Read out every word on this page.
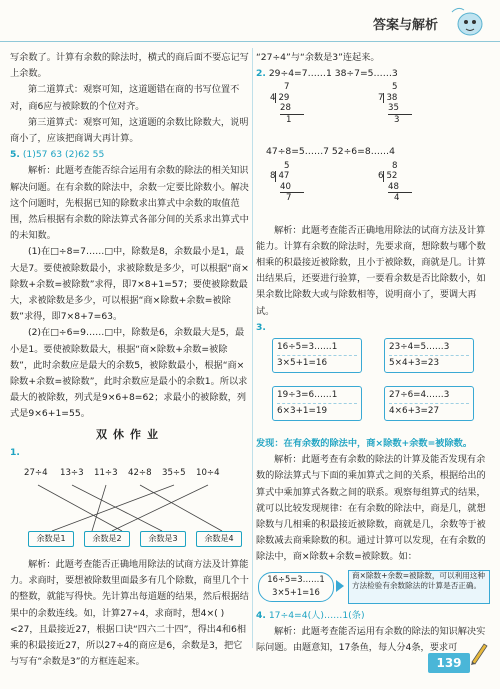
答案与解析

写余数了。计算有余数的除法时，横式的商后面不要忘记写上余数。

第二道算式：观察可知，这道题错在商的书写位置不对，商6应与被除数的个位对齐。

第三道算式：观察可知，这道题的余数比除数大，说明商小了，应该把商调大再计算。

5. (1)57 63 (2)62 55

解析：此题考查能否综合运用有余数的除法的相关知识解决问题。在有余数的除法中，余数一定要比除数小。解决这个问题时，先根据已知的除数求出算式中余数的取值范围，然后根据有余数的除法算式各部分间的关系求出算式中的未知数。

(1)在□÷8=7……□中，除数是8，余数最小是1，最大是7。要使被除数最小，求被除数是多少，可以根据“商×除数+余数=被除数”求得，即7×8+1=57；要使被除数最大，求被除数是多少，可以根据“商×除数+余数=被除数”求得，即7×8+7=63。

(2)在□÷6=9……□中，除数是6，余数最大是5，最小是1。要使被除数最大，根据“商×除数+余数=被除数”，此时余数应是最大的余数5，被除数最小，根据“商×除数+余数=被除数”，此时余数应是最小的余数1。所以求最大的被除数，列式是9×6+8=62；求最小的被除数，列式是9×6+1=55。

双休作业

1.

27÷4 13÷3 11÷3 42÷8 35÷5 10÷4
余数是1	余数是2	余数是3	余数是4

解析：此题考查能否正确地用除法的试商方法及计算能力。求商时，要想被除数里面最多有几个除数，商里几个十的整数，就能写得快。先计算出每道题的结果，然后根据结果中的余数连线。如，计算27÷4，求商时，想4×( )<27，且最接近27，根据口诀“四六二十四”，得出4和6相乘的积最接近27，所以27÷4的商应是6，余数是3，把它与写有“余数是3”的方框连起来。

“27÷4”与“余数是3”连起来。

2. 29÷4=7……1 38÷7=5……3

7
4 29
28
1
5
7 38
35
3

47÷8=5……7 52÷6=8……4

5
8 47
40
7
8
6 52
48
4

解析：此题考查能否正确地用除法的试商方法及计算能力。计算有余数的除法时，先要求商，想除数与哪个数相乘的积最接近被除数，且小于被除数，商就是几。计算出结果后，还要进行验算，一要看余数是否比除数小，如果余数比除数大或与除数相等，说明商小了，要调大再试。

3.

16÷5=3……1
3×5+1=16
23÷4=5……3
5×4+3=23
19÷3=6……1
6×3+1=19
27÷6=4……3
4×6+3=27

发现：在有余数的除法中，商×除数+余数=被除数。

解析：此题考查有余数的除法的计算及能否发现有余数的除法算式与下面的乘加算式之间的关系，根据给出的算式中乘加算式各数之间的联系。观察每组算式的结果，就可以比较发现规律：在有余数的除法中，商是几，就想除数与几相乘的积最接近被除数，商就是几，余数等于被除数减去商乘除数的积。通过计算可以发现，在有余数的除法中，商×除数+余数=被除数。如：

16÷5=3……1
3×5+1=16
商×除数+余数=被除数，可以利用这种方法检验有余数除法的计算是否正确。

4. 17÷4=4(人)……1(条)

解析：此题考查能否运用有余数的除法的知识解决实际问题。由题意知，17条鱼，每人分4条，要求可

139
